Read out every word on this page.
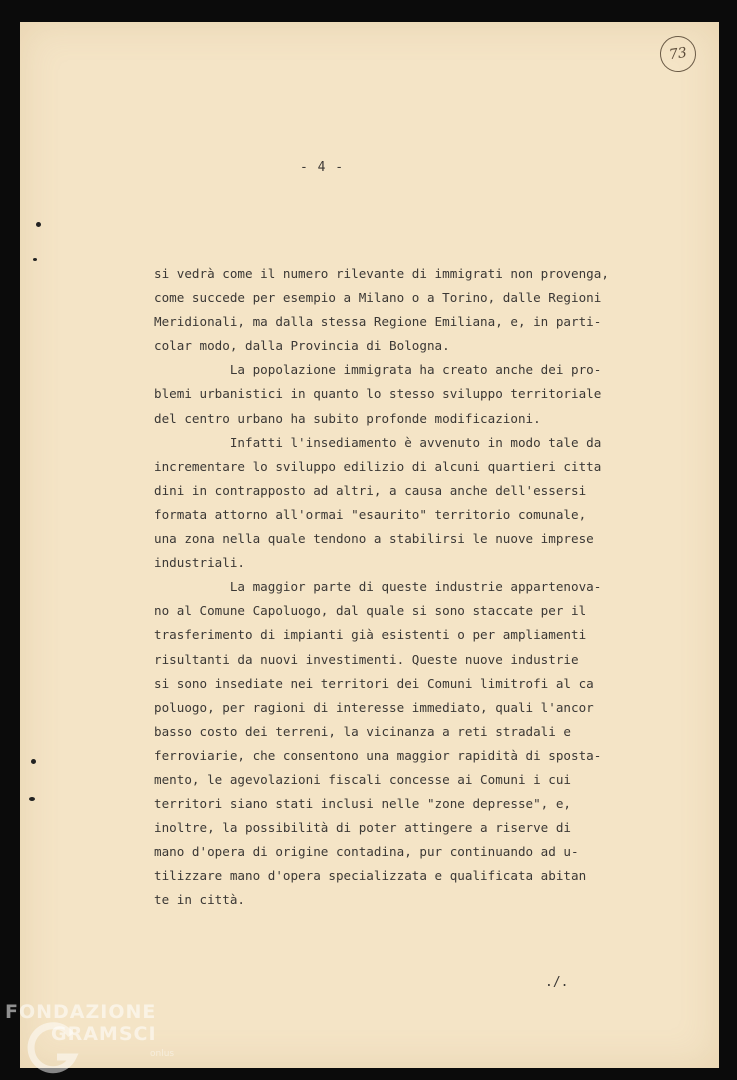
73
- 4 -
si vedrà come il numero rilevante di immigrati non provenga,
come succede per esempio a Milano o a Torino, dalle Regioni
Meridionali, ma dalla stessa Regione Emiliana, e, in parti-
colar modo, dalla Provincia di Bologna.
La popolazione immigrata ha creato anche dei pro-
blemi urbanistici in quanto lo stesso sviluppo territoriale
del centro urbano ha subito profonde modificazioni.
Infatti l'insediamento è avvenuto in modo tale da
incrementare lo sviluppo edilizio di alcuni quartieri citta
dini in contrapposto ad altri, a causa anche dell'essersi
formata attorno all'ormai "esaurito" territorio comunale,
una zona nella quale tendono a stabilirsi le nuove imprese
industriali.
La maggior parte di queste industrie appartenova-
no al Comune Capoluogo, dal quale si sono staccate per il
trasferimento di impianti già esistenti o per ampliamenti
risultanti da nuovi investimenti. Queste nuove industrie
si sono insediate nei territori dei Comuni limitrofi al ca
poluogo, per ragioni di interesse immediato, quali l'ancor
basso costo dei terreni, la vicinanza a reti stradali e
ferroviarie, che consentono una maggior rapidità di sposta-
mento, le agevolazioni fiscali concesse ai Comuni i cui
territori siano stati inclusi nelle "zone depresse", e,
inoltre, la possibilità di poter attingere a riserve di
mano d'opera di origine contadina, pur continuando ad u-
tilizzare mano d'opera specializzata e qualificata abitan
te in città.
./.
FONDAZIONE
GRAMSCI
onlus
